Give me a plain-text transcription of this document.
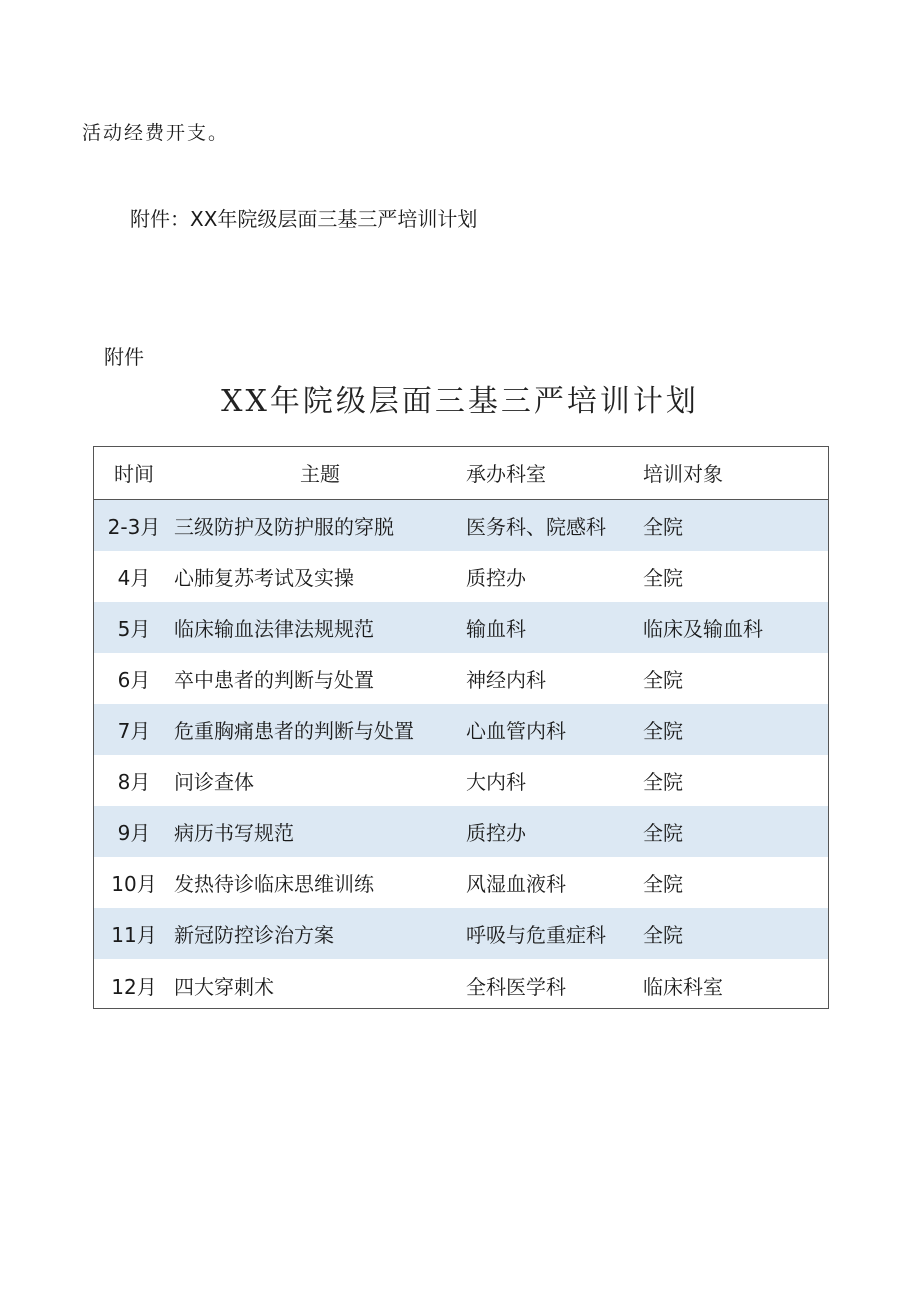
活动经费开支。
附件：XX年院级层面三基三严培训计划
附件
XX年院级层面三基三严培训计划
时间	主题	承办科室	培训对象
2-3月	三级防护及防护服的穿脱	医务科、院感科	全院
4月	心肺复苏考试及实操	质控办	全院
5月	临床输血法律法规规范	输血科	临床及输血科
6月	卒中患者的判断与处置	神经内科	全院
7月	危重胸痛患者的判断与处置	心血管内科	全院
8月	问诊查体	大内科	全院
9月	病历书写规范	质控办	全院
10月	发热待诊临床思维训练	风湿血液科	全院
11月	新冠防控诊治方案	呼吸与危重症科	全院
12月	四大穿刺术	全科医学科	临床科室
